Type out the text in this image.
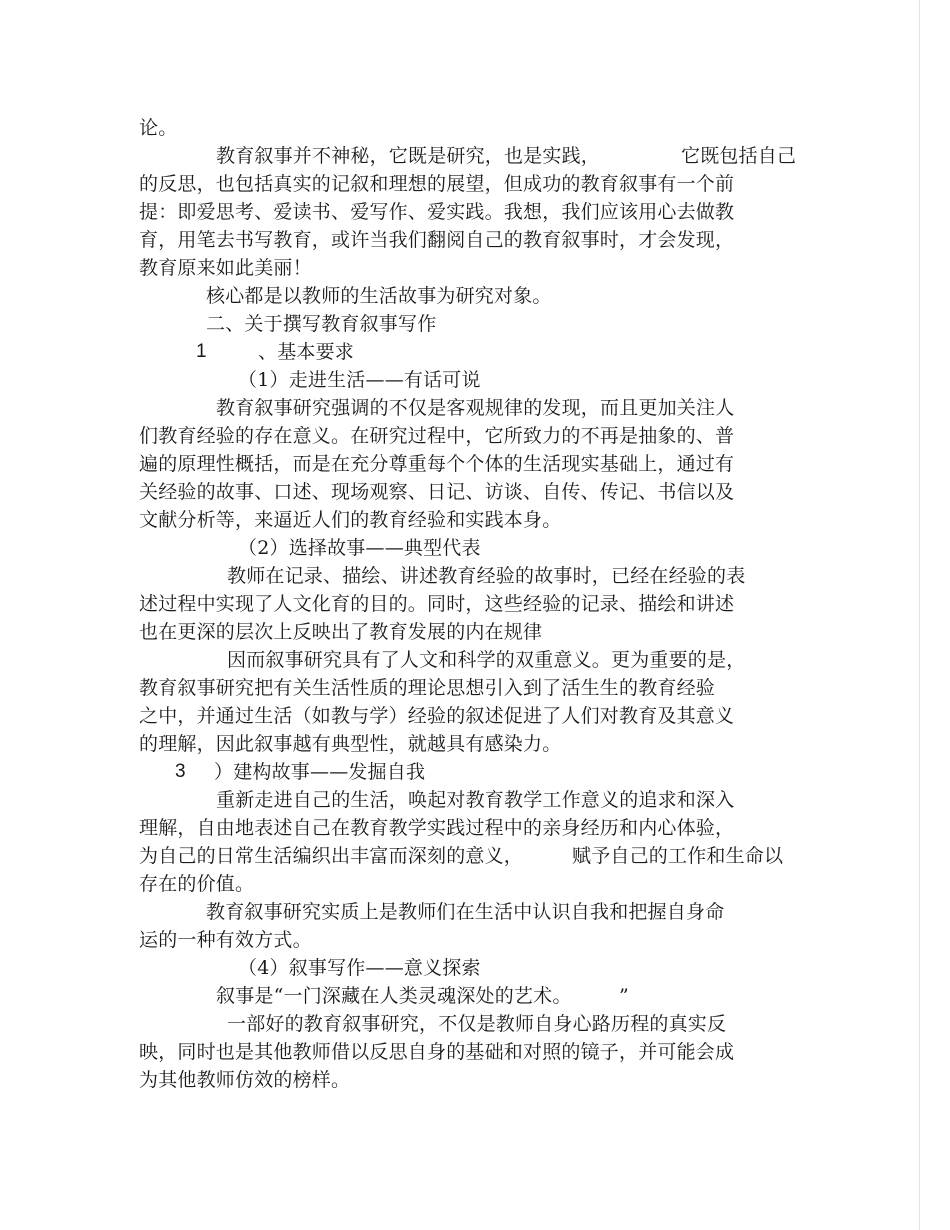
论。
教育叙事并不神秘，它既是研究，也是实践，	它既包括自己
的反思，也包括真实的记叙和理想的展望，但成功的教育叙事有一个前
提：即爱思考、爱读书、爱写作、爱实践。我想，我们应该用心去做教
育，用笔去书写教育，或许当我们翻阅自己的教育叙事时，才会发现，
教育原来如此美丽！
核心都是以教师的生活故事为研究对象。
二、关于撰写教育叙事写作
1	、基本要求
（1）走进生活——有话可说
教育叙事研究强调的不仅是客观规律的发现，而且更加关注人
们教育经验的存在意义。在研究过程中，它所致力的不再是抽象的、普
遍的原理性概括，而是在充分尊重每个个体的生活现实基础上，通过有
关经验的故事、口述、现场观察、日记、访谈、自传、传记、书信以及
文献分析等，来逼近人们的教育经验和实践本身。
（2）选择故事——典型代表
教师在记录、描绘、讲述教育经验的故事时，已经在经验的表
述过程中实现了人文化育的目的。同时，这些经验的记录、描绘和讲述
也在更深的层次上反映出了教育发展的内在规律
因而叙事研究具有了人文和科学的双重意义。更为重要的是，
教育叙事研究把有关生活性质的理论思想引入到了活生生的教育经验
之中，并通过生活（如教与学）经验的叙述促进了人们对教育及其意义
的理解，因此叙事越有典型性，就越具有感染力。
3 ）建构故事——发掘自我
重新走进自己的生活，唤起对教育教学工作意义的追求和深入
理解，自由地表述自己在教育教学实践过程中的亲身经历和内心体验，
为自己的日常生活编织出丰富而深刻的意义，	赋予自己的工作和生命以
存在的价值。
教育叙事研究实质上是教师们在生活中认识自我和把握自身命
运的一种有效方式。
（4）叙事写作——意义探索
叙事是“一门深藏在人类灵魂深处的艺术。 ”
一部好的教育叙事研究，不仅是教师自身心路历程的真实反
映，同时也是其他教师借以反思自身的基础和对照的镜子，并可能会成
为其他教师仿效的榜样。
